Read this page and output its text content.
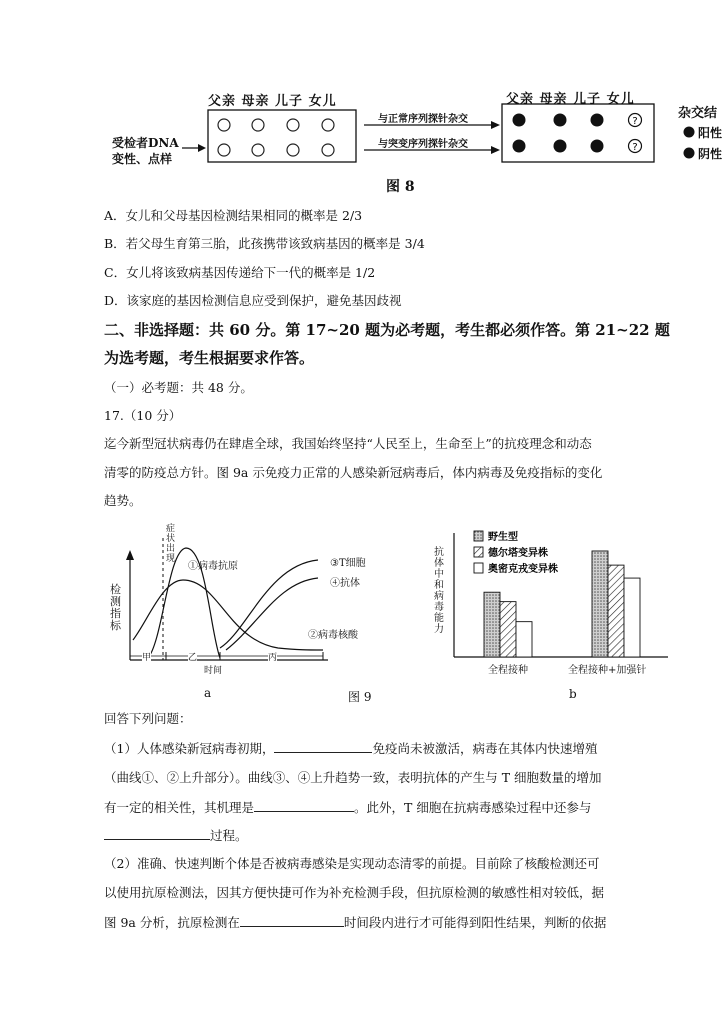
?
?
父亲 母亲 儿子 女儿	父亲 母亲 儿子 女儿
受检者DNA
变性、点样
与正常序列探针杂交
与突变序列探针杂交
杂交结
阳性
阴性
图 8
A．女儿和父母基因检测结果相同的概率是 2/3
B．若父母生育第三胎，此孩携带该致病基因的概率是 3/4
C．女儿将该致病基因传递给下一代的概率是 1/2
D．该家庭的基因检测信息应受到保护，避免基因歧视
二、非选择题：共 60 分。第 17~20 题为必考题，考生都必须作答。第 21~22 题
为选考题，考生根据要求作答。
（一）必考题：共 48 分。
17.（10 分）
迄今新型冠状病毒仍在肆虐全球，我国始终坚持“人民至上，生命至上”的抗疫理念和动态
清零的防疫总方针。图 9a 示免疫力正常的人感染新冠病毒后，体内病毒及免疫指标的变化
趋势。
检测指标
症状出现
①病毒抗原	③T细胞
④抗体
②病毒核酸
甲	乙	丙
时间
a	图 9
野生型
德尔塔变异株
奥密克戎变异株
抗体中和病毒能力
全程接种	全程接种+加强针
b
回答下列问题：
（1）人体感染新冠病毒初期，	免疫尚未被激活，病毒在其体内快速增殖
（曲线①、②上升部分）。曲线③、④上升趋势一致，表明抗体的产生与 T 细胞数量的增加
有一定的相关性，其机理是	。此外，T 细胞在抗病毒感染过程中还参与
过程。
（2）准确、快速判断个体是否被病毒感染是实现动态清零的前提。目前除了核酸检测还可
以使用抗原检测法，因其方便快捷可作为补充检测手段，但抗原检测的敏感性相对较低，据
图 9a 分析，抗原检测在	时间段内进行才可能得到阳性结果，判断的依据
